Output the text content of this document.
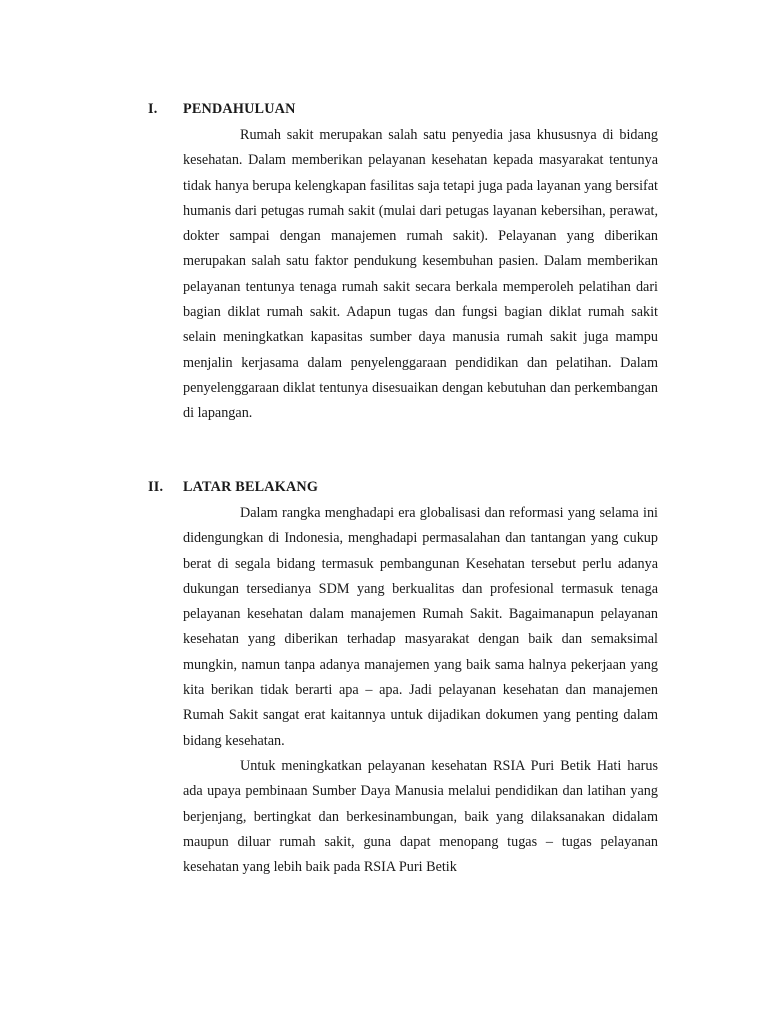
I. PENDAHULUAN

Rumah sakit merupakan salah satu penyedia jasa khususnya di bidang kesehatan. Dalam memberikan pelayanan kesehatan kepada masyarakat tentunya tidak hanya berupa kelengkapan fasilitas saja tetapi juga pada layanan yang bersifat humanis dari petugas rumah sakit (mulai dari petugas layanan kebersihan, perawat, dokter sampai dengan manajemen rumah sakit). Pelayanan yang diberikan merupakan salah satu faktor pendukung kesembuhan pasien. Dalam memberikan pelayanan tentunya tenaga rumah sakit secara berkala memperoleh pelatihan dari bagian diklat rumah sakit. Adapun tugas dan fungsi bagian diklat rumah sakit selain meningkatkan kapasitas sumber daya manusia rumah sakit juga mampu menjalin kerjasama dalam penyelenggaraan pendidikan dan pelatihan. Dalam penyelenggaraan diklat tentunya disesuaikan dengan kebutuhan dan perkembangan di lapangan.

II. LATAR BELAKANG

Dalam rangka menghadapi era globalisasi dan reformasi yang selama ini didengungkan di Indonesia, menghadapi permasalahan dan tantangan yang cukup berat di segala bidang termasuk pembangunan Kesehatan tersebut perlu adanya dukungan tersedianya SDM yang berkualitas dan profesional termasuk tenaga pelayanan kesehatan dalam manajemen Rumah Sakit. Bagaimanapun pelayanan kesehatan yang diberikan terhadap masyarakat dengan baik dan semaksimal mungkin, namun tanpa adanya manajemen yang baik sama halnya pekerjaan yang kita berikan tidak berarti apa – apa. Jadi pelayanan kesehatan dan manajemen Rumah Sakit sangat erat kaitannya untuk dijadikan dokumen yang penting dalam bidang kesehatan.

Untuk meningkatkan pelayanan kesehatan RSIA Puri Betik Hati harus ada upaya pembinaan Sumber Daya Manusia melalui pendidikan dan latihan yang berjenjang, bertingkat dan berkesinambungan, baik yang dilaksanakan didalam maupun diluar rumah sakit, guna dapat menopang tugas – tugas pelayanan kesehatan yang lebih baik pada RSIA Puri Betik
